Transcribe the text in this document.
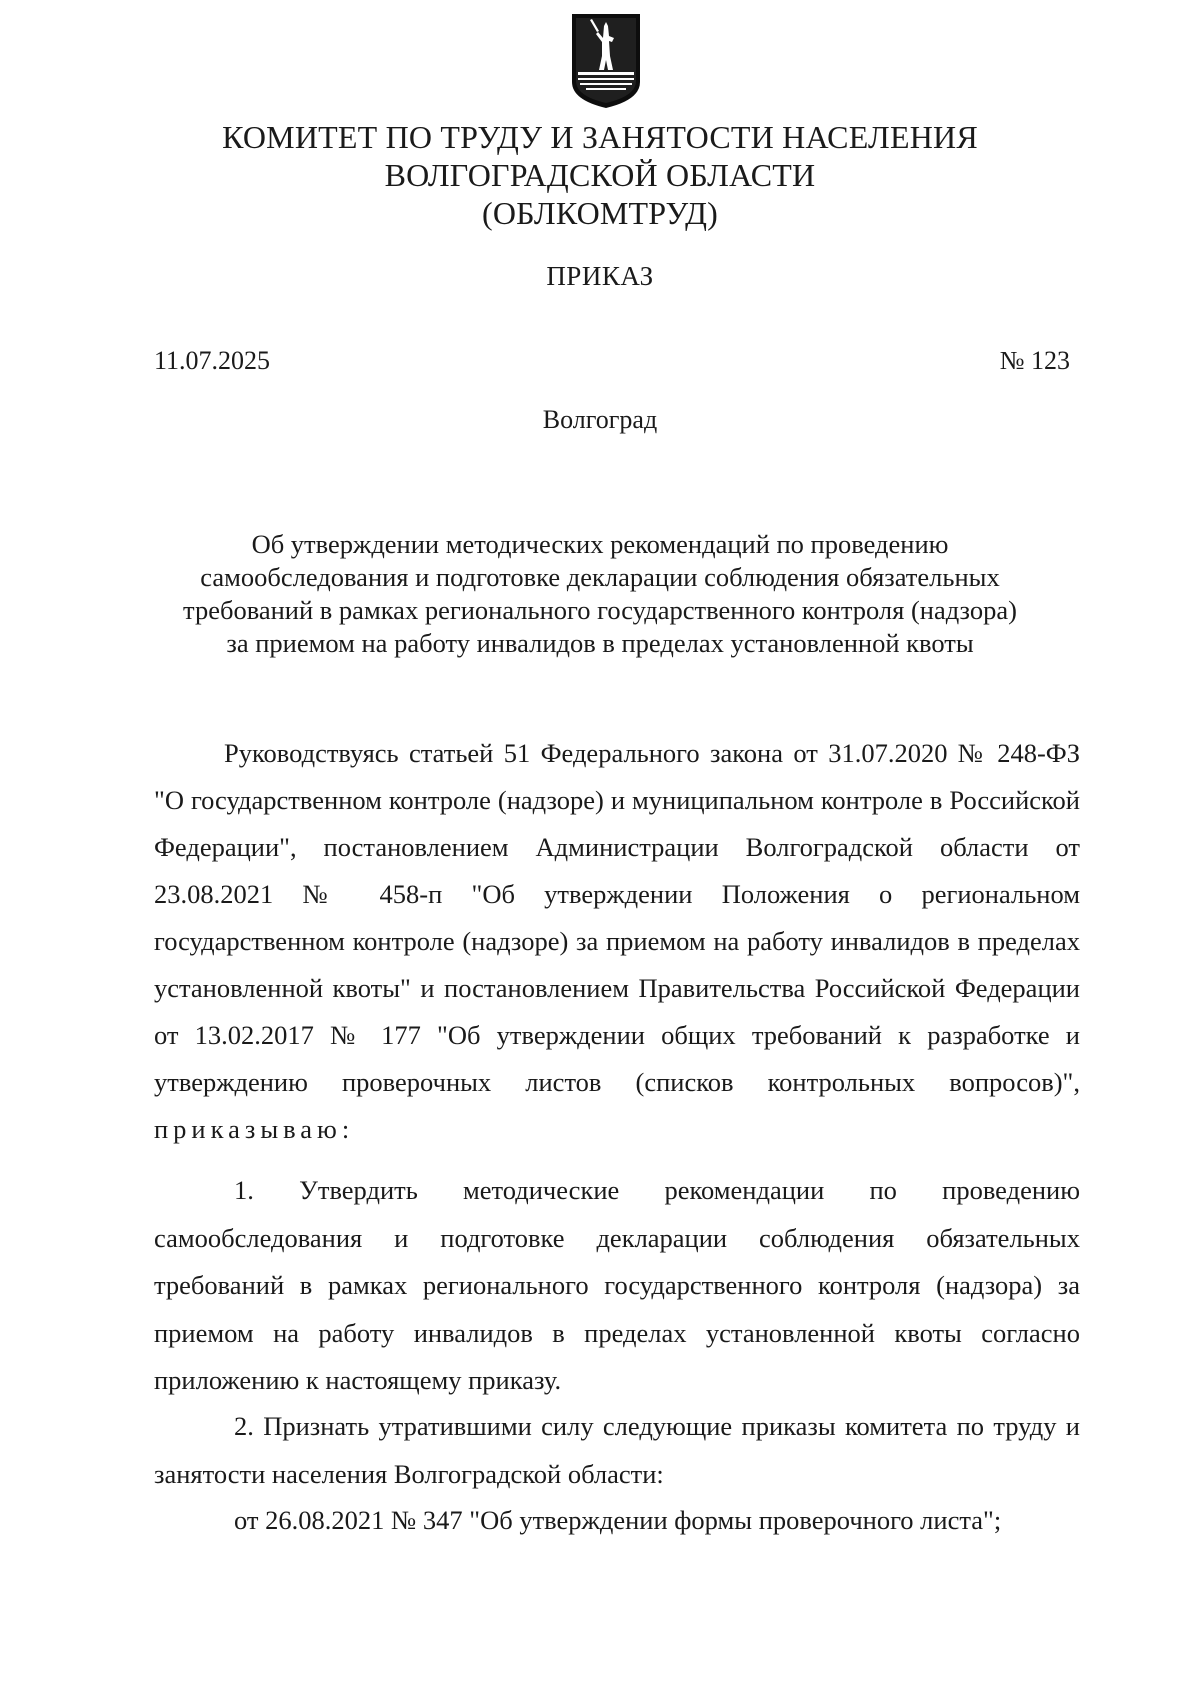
КОМИТЕТ ПО ТРУДУ И ЗАНЯТОСТИ НАСЕЛЕНИЯ
ВОЛГОГРАДСКОЙ ОБЛАСТИ
(ОБЛКОМТРУД)
ПРИКАЗ
11.07.2025	№ 123
Волгоград
Об утверждении методических рекомендаций по проведению
самообследования и подготовке декларации соблюдения обязательных
требований в рамках регионального государственного контроля (надзора)
за приемом на работу инвалидов в пределах установленной квоты

Руководствуясь статьей 51 Федерального закона от 31.07.2020 № 248-ФЗ "О государственном контроле (надзоре) и муниципальном контроле в Российской Федерации", постановлением Администрации Волгоградской области от 23.08.2021 № 458-п "Об утверждении Положения о региональном государственном контроле (надзоре) за приемом на работу инвалидов в пределах установленной квоты" и постановлением Правительства Российской Федерации от 13.02.2017 № 177 "Об утверждении общих требований к разработке и утверждению проверочных листов (списков контрольных вопросов)", приказываю:

1. Утвердить методические рекомендации по проведению самообследования и подготовке декларации соблюдения обязательных требований в рамках регионального государственного контроля (надзора) за приемом на работу инвалидов в пределах установленной квоты согласно приложению к настоящему приказу.

2. Признать утратившими силу следующие приказы комитета по труду и занятости населения Волгоградской области:

от 26.08.2021 № 347 "Об утверждении формы проверочного листа";
